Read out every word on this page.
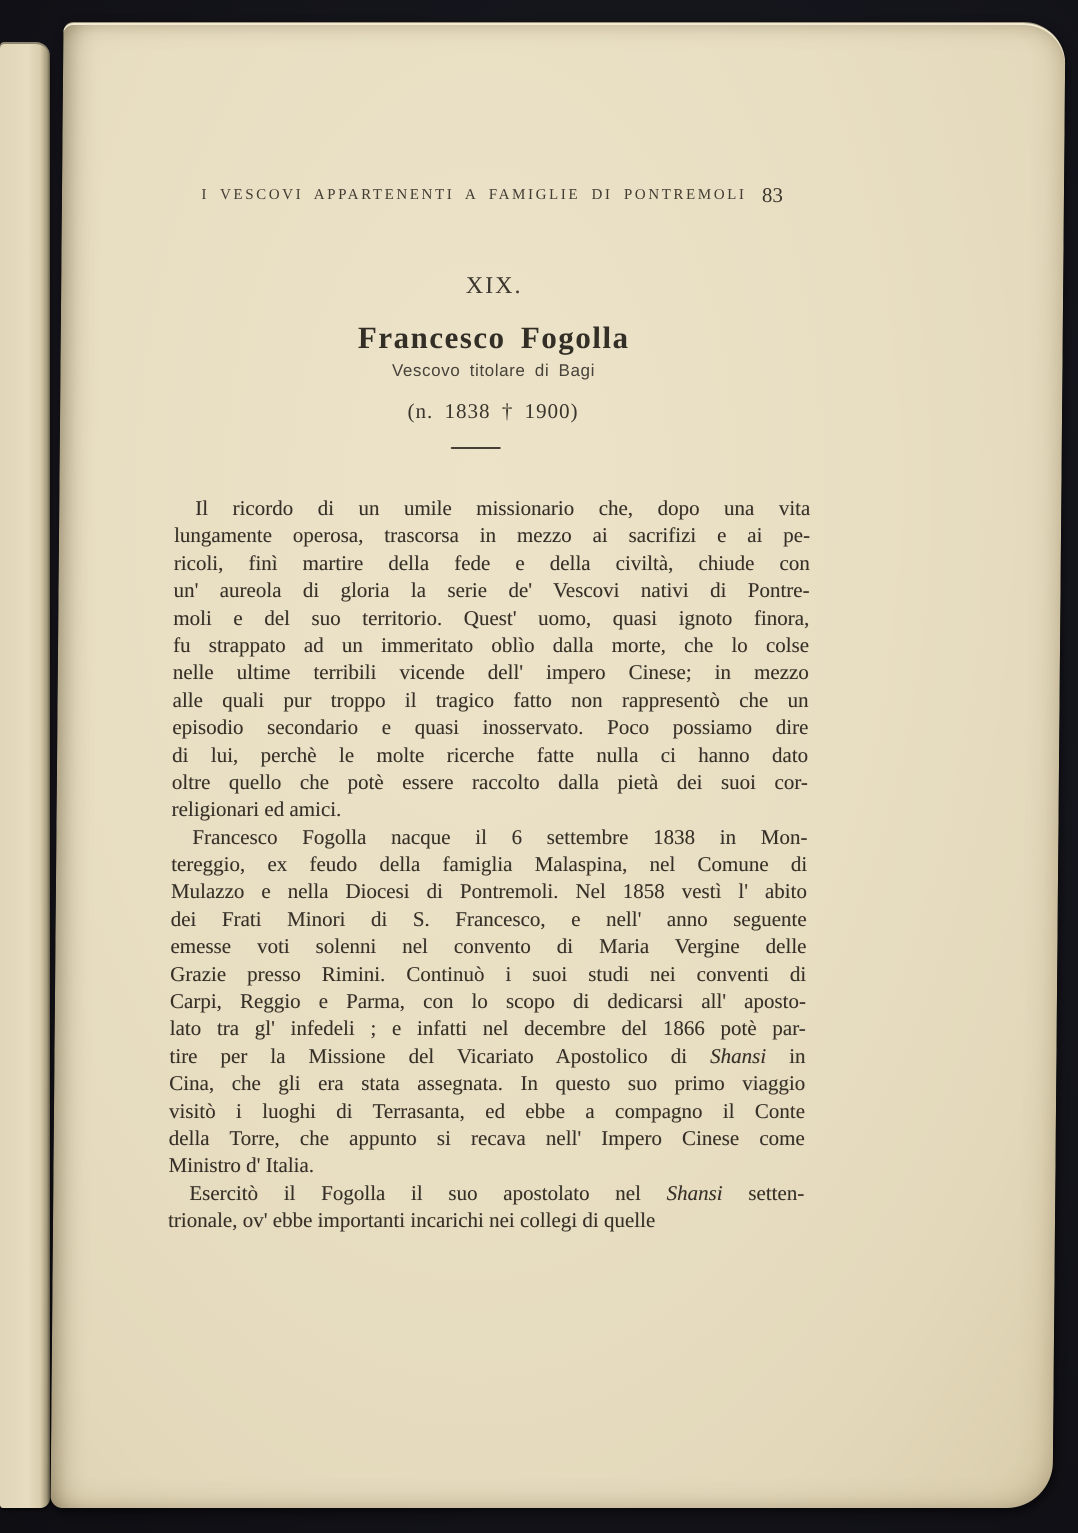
I VESCOVI APPARTENENTI A FAMIGLIE DI PONTREMOLI 83
XIX.
Francesco Fogolla
Vescovo titolare di Bagi
(n. 1838 † 1900)
Il ricordo di un umile missionario che, dopo una vita
lungamente operosa, trascorsa in mezzo ai sacrifizi e ai pe-
ricoli, finì martire della fede e della civiltà, chiude con
un' aureola di gloria la serie de' Vescovi nativi di Pontre-
moli e del suo territorio. Quest' uomo, quasi ignoto finora,
fu strappato ad un immeritato oblìo dalla morte, che lo colse
nelle ultime terribili vicende dell' impero Cinese; in mezzo
alle quali pur troppo il tragico fatto non rappresentò che un
episodio secondario e quasi inosservato. Poco possiamo dire
di lui, perchè le molte ricerche fatte nulla ci hanno dato
oltre quello che potè essere raccolto dalla pietà dei suoi cor-
religionari ed amici.
Francesco Fogolla nacque il 6 settembre 1838 in Mon-
tereggio, ex feudo della famiglia Malaspina, nel Comune di
Mulazzo e nella Diocesi di Pontremoli. Nel 1858 vestì l' abito
dei Frati Minori di S. Francesco, e nell' anno seguente
emesse voti solenni nel convento di Maria Vergine delle
Grazie presso Rimini. Continuò i suoi studi nei conventi di
Carpi, Reggio e Parma, con lo scopo di dedicarsi all' aposto-
lato tra gl' infedeli ; e infatti nel decembre del 1866 potè par-
tire per la Missione del Vicariato Apostolico di Shansi in
Cina, che gli era stata assegnata. In questo suo primo viaggio
visitò i luoghi di Terrasanta, ed ebbe a compagno il Conte
della Torre, che appunto si recava nell' Impero Cinese come
Ministro d' Italia.
Esercitò il Fogolla il suo apostolato nel Shansi setten-
trionale, ov' ebbe importanti incarichi nei collegi di quelle
